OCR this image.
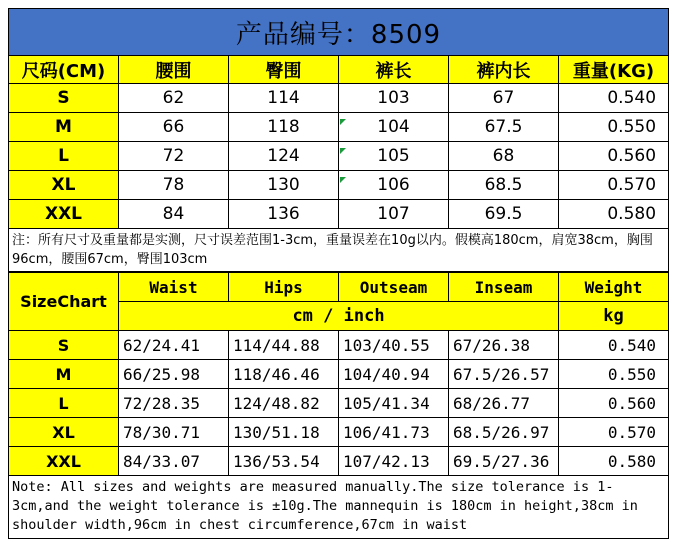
产品编号：8509					
尺码(CM)	腰围	臀围	裤长	裤内长	重量(KG)
S	62	114	103	67	0.540
M	66	118	104	67.5	0.550
L	72	124	105	68	0.560
XL	78	130	106	68.5	0.570
XXL	84	136	107	69.5	0.580
注：所有尺寸及重量都是实测，尺寸误差范围1-3cm，重量误差在10g以内。假模高180cm，肩宽38cm，胸围96cm，腰围67cm，臀围103cm					
SizeChart	Waist	Hips	Outseam	Inseam	Weight
	cm / inch				kg
S	62/24.41	114/44.88	103/40.55	67/26.38	0.540
M	66/25.98	118/46.46	104/40.94	67.5/26.57	0.550
L	72/28.35	124/48.82	105/41.34	68/26.77	0.560
XL	78/30.71	130/51.18	106/41.73	68.5/26.97	0.570
XXL	84/33.07	136/53.54	107/42.13	69.5/27.36	0.580
Note: All sizes and weights are measured manually.The size tolerance is 1-3cm,and the weight tolerance is ±10g.The mannequin is 180cm in height,38cm in shoulder width,96cm in chest circumference,67cm in waist					
